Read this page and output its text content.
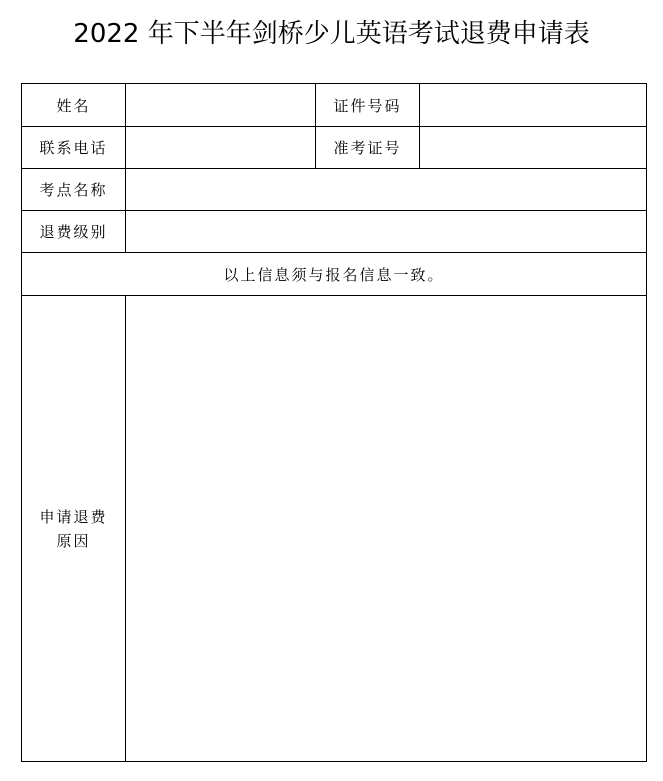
2022 年下半年剑桥少儿英语考试退费申请表
姓名		证件号码	
联系电话		准考证号	
考点名称			
退费级别			
以上信息须与报名信息一致。			

申请退费
原因			
